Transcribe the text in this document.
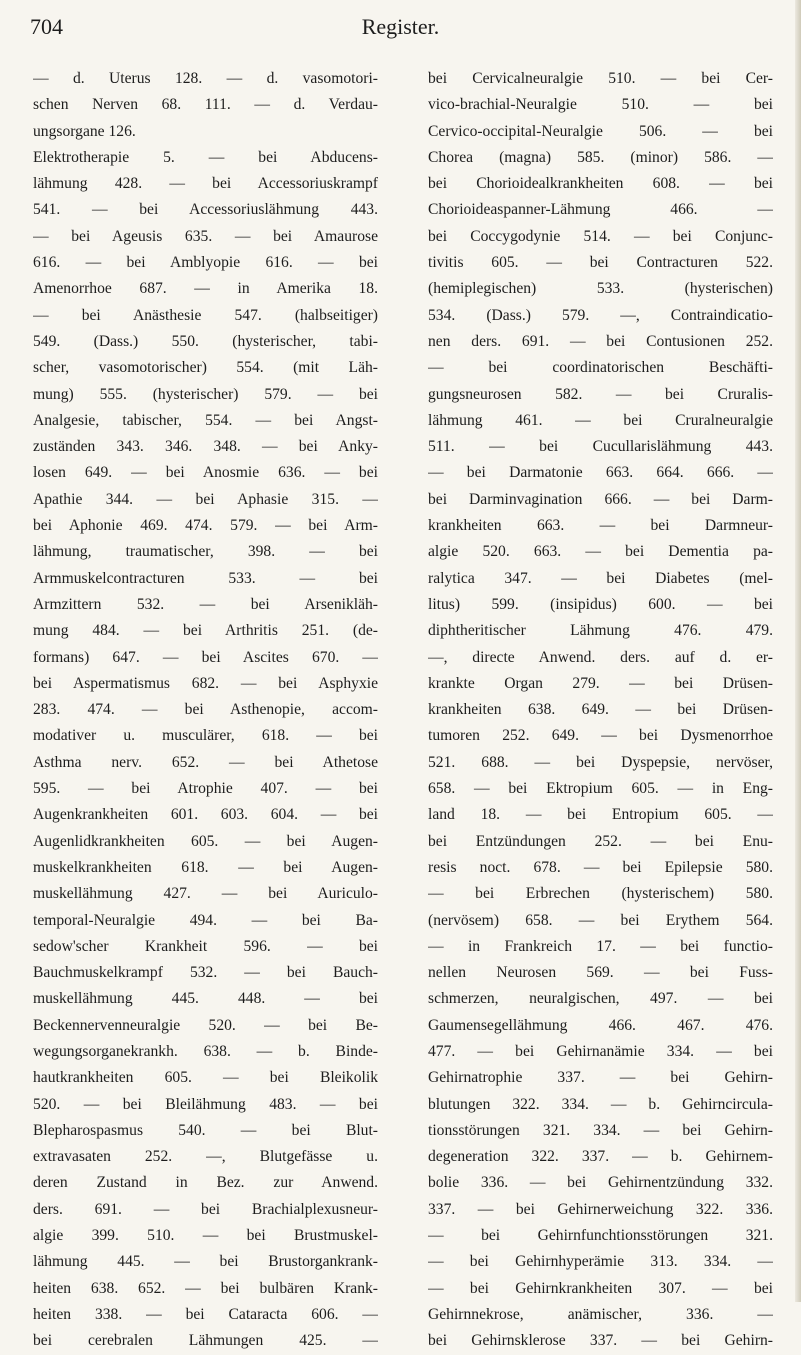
704	Register.
— d. Uterus 128. — d. vasomotori-
schen Nerven 68. 111. — d. Verdau-
ungsorgane 126.
Elektrotherapie 5. — bei Abducens-
lähmung 428. — bei Accessoriuskrampf
541. — bei Accessoriuslähmung 443.
— bei Ageusis 635. — bei Amaurose
616. — bei Amblyopie 616. — bei
Amenorrhoe 687. — in Amerika 18.
— bei Anästhesie 547. (halbseitiger)
549. (Dass.) 550. (hysterischer, tabi-
scher, vasomotorischer) 554. (mit Läh-
mung) 555. (hysterischer) 579. — bei
Analgesie, tabischer, 554. — bei Angst-
zuständen 343. 346. 348. — bei Anky-
losen 649. — bei Anosmie 636. — bei
Apathie 344. — bei Aphasie 315. —
bei Aphonie 469. 474. 579. — bei Arm-
lähmung, traumatischer, 398. — bei
Armmuskelcontracturen 533. — bei
Armzittern 532. — bei Arsenikläh-
mung 484. — bei Arthritis 251. (de-
formans) 647. — bei Ascites 670. —
bei Aspermatismus 682. — bei Asphyxie
283. 474. — bei Asthenopie, accom-
modativer u. musculärer, 618. — bei
Asthma nerv. 652. — bei Athetose
595. — bei Atrophie 407. — bei
Augenkrankheiten 601. 603. 604. — bei
Augenlidkrankheiten 605. — bei Augen-
muskelkrankheiten 618. — bei Augen-
muskellähmung 427. — bei Auriculo-
temporal-Neuralgie 494. — bei Ba-
sedow'scher Krankheit 596. — bei
Bauchmuskelkrampf 532. — bei Bauch-
muskellähmung 445. 448. — bei
Beckennervenneuralgie 520. — bei Be-
wegungsorganekrankh. 638. — b. Binde-
hautkrankheiten 605. — bei Bleikolik
520. — bei Bleilähmung 483. — bei
Blepharospasmus 540. — bei Blut-
extravasaten 252. —, Blutgefässe u.
deren Zustand in Bez. zur Anwend.
ders. 691. — bei Brachialplexusneur-
algie 399. 510. — bei Brustmuskel-
lähmung 445. — bei Brustorgankrank-
heiten 638. 652. — bei bulbären Krank-
heiten 338. — bei Cataracta 606. —
bei cerebralen Lähmungen 425. —
bei Cervicalneuralgie 510. — bei Cer-
vico-brachial-Neuralgie 510. — bei
Cervico-occipital-Neuralgie 506. — bei
Chorea (magna) 585. (minor) 586. —
bei Chorioidealkrankheiten 608. — bei
Chorioideaspanner-Lähmung 466. —
bei Coccygodynie 514. — bei Conjunc-
tivitis 605. — bei Contracturen 522.
(hemiplegischen) 533. (hysterischen)
534. (Dass.) 579. —, Contraindicatio-
nen ders. 691. — bei Contusionen 252.
— bei coordinatorischen Beschäfti-
gungsneurosen 582. — bei Cruralis-
lähmung 461. — bei Cruralneuralgie
511. — bei Cucullarislähmung 443.
— bei Darmatonie 663. 664. 666. —
bei Darminvagination 666. — bei Darm-
krankheiten 663. — bei Darmneur-
algie 520. 663. — bei Dementia pa-
ralytica 347. — bei Diabetes (mel-
litus) 599. (insipidus) 600. — bei
diphtheritischer Lähmung 476. 479.
—, directe Anwend. ders. auf d. er-
krankte Organ 279. — bei Drüsen-
krankheiten 638. 649. — bei Drüsen-
tumoren 252. 649. — bei Dysmenorrhoe
521. 688. — bei Dyspepsie, nervöser,
658. — bei Ektropium 605. — in Eng-
land 18. — bei Entropium 605. —
bei Entzündungen 252. — bei Enu-
resis noct. 678. — bei Epilepsie 580.
— bei Erbrechen (hysterischem) 580.
(nervösem) 658. — bei Erythem 564.
— in Frankreich 17. — bei functio-
nellen Neurosen 569. — bei Fuss-
schmerzen, neuralgischen, 497. — bei
Gaumensegellähmung 466. 467. 476.
477. — bei Gehirnanämie 334. — bei
Gehirnatrophie 337. — bei Gehirn-
blutungen 322. 334. — b. Gehirncircula-
tionsstörungen 321. 334. — bei Gehirn-
degeneration 322. 337. — b. Gehirnem-
bolie 336. — bei Gehirnentzündung 332.
337. — bei Gehirnerweichung 322. 336.
— bei Gehirnfunchtionsstörungen 321.
— bei Gehirnhyperämie 313. 334. —
— bei Gehirnkrankheiten 307. — bei
Gehirnnekrose, anämischer, 336. —
bei Gehirnsklerose 337. — bei Gehirn-
